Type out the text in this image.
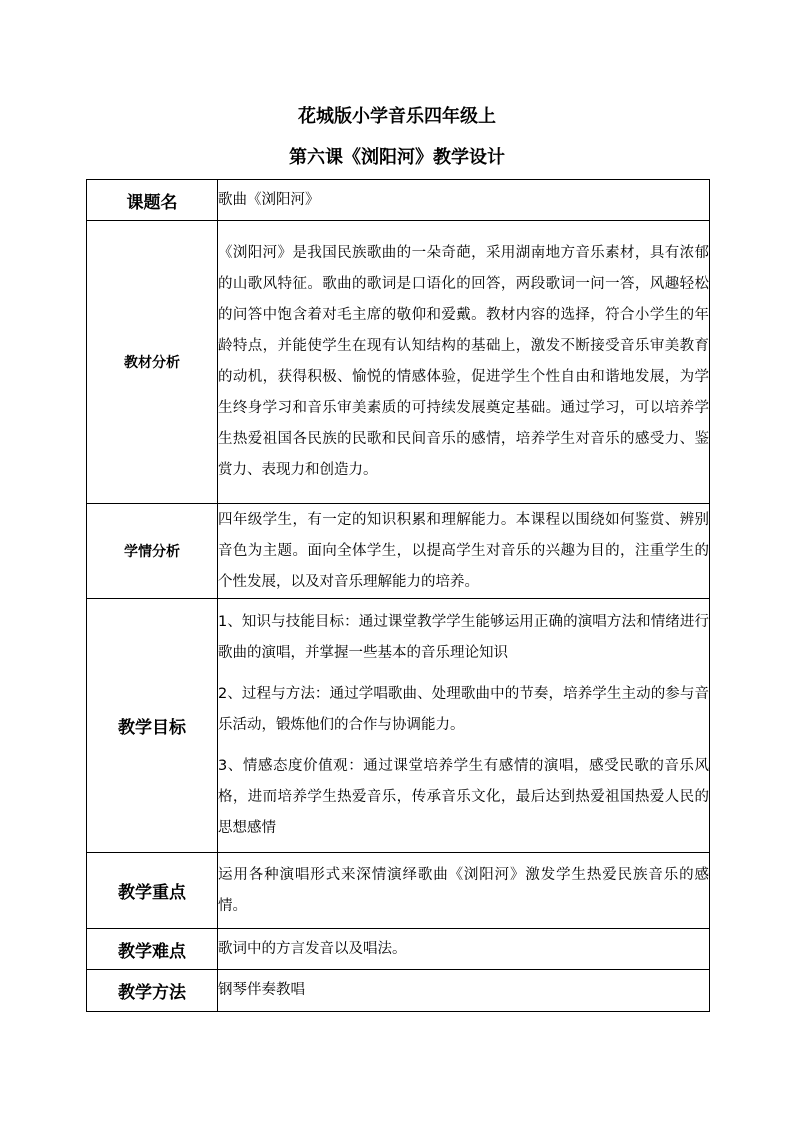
花城版小学音乐四年级上
第六课《浏阳河》教学设计
课题名	歌曲《浏阳河》
教材分析	《浏阳河》是我国民族歌曲的一朵奇葩，采用湖南地方音乐素材，具有浓郁的山歌风特征。歌曲的歌词是口语化的回答，两段歌词一问一答，风趣轻松的问答中饱含着对毛主席的敬仰和爱戴。教材内容的选择，符合小学生的年龄特点，并能使学生在现有认知结构的基础上，激发不断接受音乐审美教育的动机，获得积极、愉悦的情感体验，促进学生个性自由和谐地发展，为学生终身学习和音乐审美素质的可持续发展奠定基础。通过学习，可以培养学生热爱祖国各民族的民歌和民间音乐的感情，培养学生对音乐的感受力、鉴赏力、表现力和创造力。
学情分析	四年级学生，有一定的知识积累和理解能力。本课程以围绕如何鉴赏、辨别音色为主题。面向全体学生，以提高学生对音乐的兴趣为目的，注重学生的个性发展，以及对音乐理解能力的培养。
教学目标	1、知识与技能目标：通过课堂教学学生能够运用正确的演唱方法和情绪进行歌曲的演唱，并掌握一些基本的音乐理论知识
2、过程与方法：通过学唱歌曲、处理歌曲中的节奏，培养学生主动的参与音乐活动，锻炼他们的合作与协调能力。
3、情感态度价值观：通过课堂培养学生有感情的演唱，感受民歌的音乐风格，进而培养学生热爱音乐，传承音乐文化，最后达到热爱祖国热爱人民的思想感情

教学重点	运用各种演唱形式来深情演绎歌曲《浏阳河》激发学生热爱民族音乐的感情。
教学难点	歌词中的方言发音以及唱法。
教学方法	钢琴伴奏教唱
